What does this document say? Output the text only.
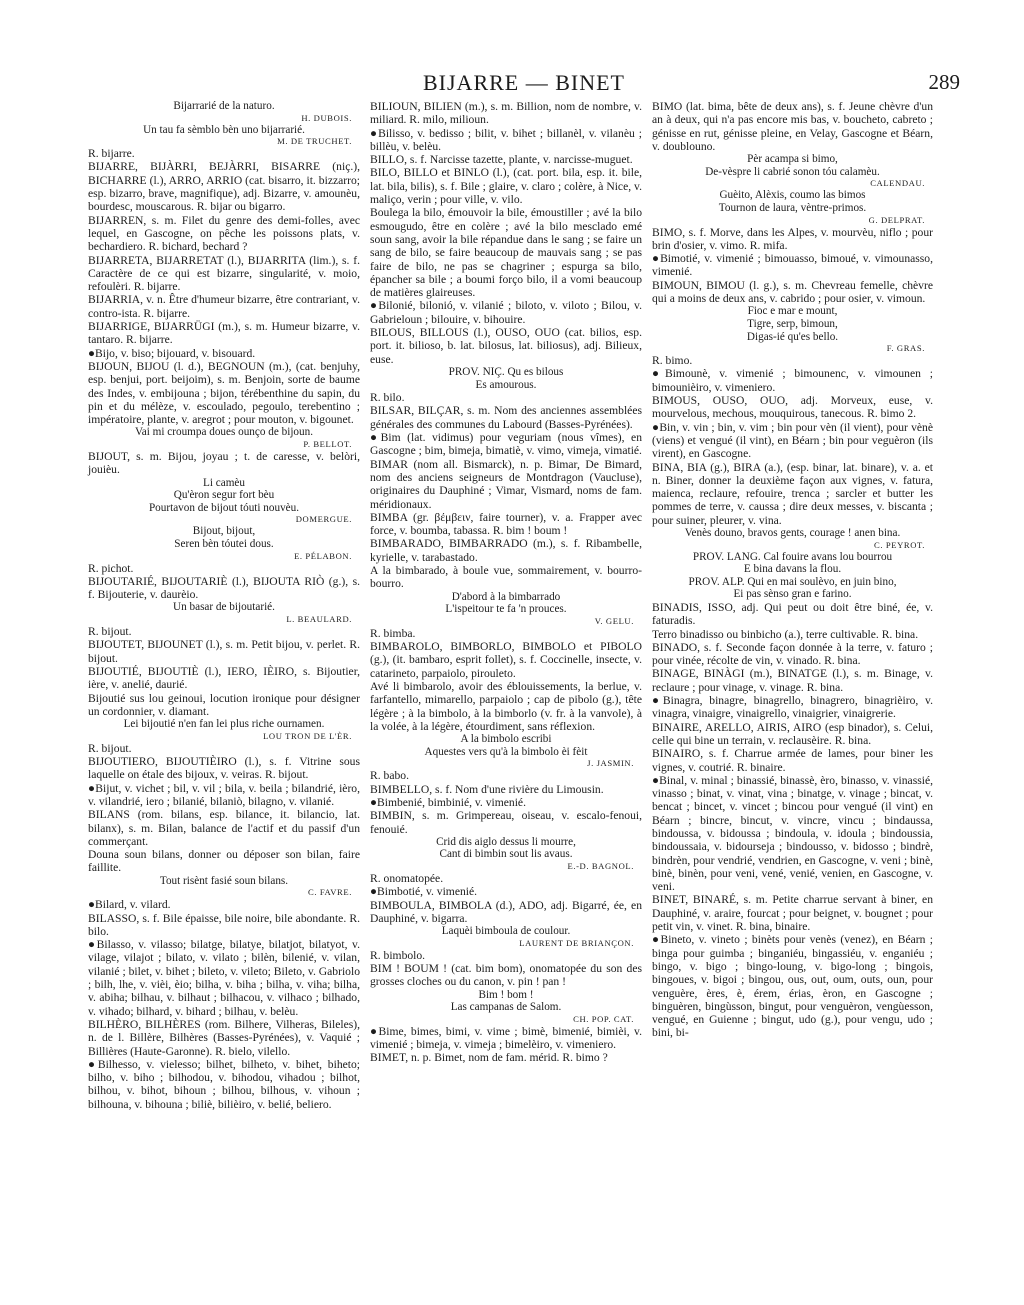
BIJARRE — BINET	289

Bijarrarié de la naturo.

H. DUBOIS.

Un tau fa sèmblo bèn uno bijarrarié.

M. DE TRUCHET.

R. bijarre.

BIJARRE, BIJÀRRI, BEJÀRRI, BISARRE (niç.), BICHARRE (l.), ARRO, ARRIO (cat. bisarro, it. bizzarro; esp. bizarro, brave, magnifique), adj. Bizarre, v. amounèu, bourdesc, mouscarous. R. bijar ou bigarro.

BIJARREN, s. m. Filet du genre des demi-folles, avec lequel, en Gascogne, on pêche les poissons plats, v. bechardiero. R. bichard, bechard ?

BIJARRETA, BIJARRETAT (l.), BIJARRITA (lim.), s. f. Caractère de ce qui est bizarre, singularité, v. moio, refoulèri. R. bijarre.

BIJARRIA, v. n. Être d'humeur bizarre, être contrariant, v. contro-ista. R. bijarre.

BIJARRIGE, BIJARRÜGI (m.), s. m. Humeur bizarre, v. tantaro. R. bijarre.

●Bijo, v. biso; bijouard, v. bisouard.

BIJOUN, BIJOU (l. d.), BEGNOUN (m.), (cat. benjuhy, esp. benjui, port. beijoim), s. m. Benjoin, sorte de baume des Indes, v. embijouna ; bijon, térébenthine du sapin, du pin et du mélèze, v. escoulado, pegoulo, terebentino ; impératoire, plante, v. aregrot ; pour mouton, v. bigounet.

Vai mi croumpa doues ounço de bijoun.

P. BELLOT.

BIJOUT, s. m. Bijou, joyau ; t. de caresse, v. belòri, jouièu.

Li camèu

Qu'èron segur fort bèu

Pourtavon de bijout tóuti nouvèu.

DOMERGUE.

Bijout, bijout,

Seren bèn tóutei dous.

E. PÉLABON.

R. pichot.

BIJOUTARIÉ, BIJOUTARIÈ (l.), BIJOUTA RIÒ (g.), s. f. Bijouterie, v. daurèio.

Un basar de bijoutarié.

L. BEAULARD.

R. bijout.

BIJOUTET, BIJOUNET (l.), s. m. Petit bijou, v. perlet. R. bijout.

BIJOUTIÉ, BIJOUTIÈ (l.), IERO, IÈIRO, s. Bijoutier, ière, v. anelié, daurié.

Bijoutié sus lou geinoui, locution ironique pour désigner un cordonnier, v. diamant.

Lei bijoutié n'en fan lei plus riche ournamen.

LOU TRON DE L'ÈR.

R. bijout.

BIJOUTIERO, BIJOUTIÈIRO (l.), s. f. Vitrine sous laquelle on étale des bijoux, v. veiras. R. bijout.

●Bijut, v. vichet ; bil, v. vil ; bila, v. beila ; bilandrié, ièro, v. vilandrié, iero ; bilanié, bilaniò, bilagno, v. vilanié.

BILANS (rom. bilans, esp. bilance, it. bilancio, lat. bilanx), s. m. Bilan, balance de l'actif et du passif d'un commerçant.

Douna soun bilans, donner ou déposer son bilan, faire faillite.

Tout risènt fasié soun bilans.

C. FAVRE.

●Bilard, v. vilard.

BILASSO, s. f. Bile épaisse, bile noire, bile abondante. R. bilo.

●Bilasso, v. vilasso; bilatge, bilatye, bilatjot, bilatyot, v. vilage, vilajot ; bilato, v. vilato ; bilèn, bilenié, v. vilan, vilanié ; bilet, v. bihet ; bileto, v. vileto; Bileto, v. Gabriolo ; bilh, lhe, v. vièi, èio; bilha, v. biha ; bilha, v. viha; bilha, v. abiha; bilhau, v. bilhaut ; bilhacou, v. vilhaco ; bilhado, v. vihado; bilhard, v. bihard ; bilhau, v. belèu.

BILHÈRO, BILHÈRES (rom. Bilhere, Vilheras, Bileles), n. de l. Billère, Bilhères (Basses-Pyrénées), v. Vaquié ; Billières (Haute-Garonne). R. bielo, vilello.

●Bilhesso, v. vielesso; bilhet, bilheto, v. bihet, biheto; bilho, v. biho ; bilhodou, v. bihodou, vihadou ; bilhot, bilhou, v. bihot, bihoun ; bilhou, bilhous, v. vihoun ; bilhouna, v. bihouna ; biliè, bilièiro, v. belié, beliero.

BILIOUN, BILIEN (m.), s. m. Billion, nom de nombre, v. miliard. R. milo, milioun.

●Bilisso, v. bedisso ; bilit, v. bihet ; billanèl, v. vilanèu ; billèu, v. belèu.

BILLO, s. f. Narcisse tazette, plante, v. narcisse-muguet.

BILO, BILLO et BINLO (l.), (cat. port. bila, esp. it. bile, lat. bila, bilis), s. f. Bile ; glaire, v. claro ; colère, à Nice, v. maliço, verin ; pour ville, v. vilo.

Boulega la bilo, émouvoir la bile, émoustiller ; avé la bilo esmougudo, être en colère ; avé la bilo mesclado emé soun sang, avoir la bile répandue dans le sang ; se faire un sang de bilo, se faire beaucoup de mauvais sang ; se pas faire de bilo, ne pas se chagriner ; espurga sa bilo, épancher sa bile ; a boumi forço bilo, il a vomi beaucoup de matières glaireuses.

●Bilonié, bilonió, v. vilanié ; biloto, v. viloto ; Bilou, v. Gabrieloun ; bilouire, v. bihouire.

BILOUS, BILLOUS (l.), OUSO, OUO (cat. bilios, esp. port. it. bilioso, b. lat. bilosus, lat. biliosus), adj. Bilieux, euse.

PROV. NIÇ. Qu es bilous

Es amourous.

R. bilo.

BILSAR, BILÇAR, s. m. Nom des anciennes assemblées générales des communes du Labourd (Basses-Pyrénées).

●Bim (lat. vidimus) pour veguriam (nous vîmes), en Gascogne ; bim, bimeja, bimatiè, v. vimo, vimeja, vimatié.

BIMAR (nom all. Bismarck), n. p. Bimar, De Bimard, nom des anciens seigneurs de Montdragon (Vaucluse), originaires du Dauphiné ; Vimar, Vismard, noms de fam. méridionaux.

BIMBA (gr. βέμβειν, faire tourner), v. a. Frapper avec force, v. boumba, tabassa. R. bim ! boum !

BIMBARADO, BIMBARRADO (m.), s. f. Ribambelle, kyrielle, v. tarabastado.

A la bimbarado, à boule vue, sommairement, v. bourro-bourro.

D'abord à la bimbarrado

L'ispeitour te fa 'n prouces.

V. GELU.

R. bimba.

BIMBAROLO, BIMBORLO, BIMBOLO et PIBOLO (g.), (it. bambaro, esprit follet), s. f. Coccinelle, insecte, v. catarineto, parpaiolo, pirouleto.

Avé li bimbarolo, avoir des éblouissements, la berlue, v. farfantello, mimarello, parpaiolo ; cap de pibolo (g.), tête légère ; à la bimbolo, à la bimborlo (v. fr. à la vanvole), à la volée, à la légère, étourdiment, sans réflexion.

A la bimbolo escribi

Aquestes vers qu'à la bimbolo èi fèit

J. JASMIN.

R. babo.

BIMBELLO, s. f. Nom d'une rivière du Limousin.

●Bimbenié, bimbinié, v. vimenié.

BIMBIN, s. m. Grimpereau, oiseau, v. escalo-fenoui, fenouié.

Crid dis aiglo dessus li mourre,

Cant di bimbin sout lis avaus.

E.-D. BAGNOL.

R. onomatopée.

●Bimbotié, v. vimenié.

BIMBOULA, BIMBOLA (d.), ADO, adj. Bigarré, ée, en Dauphiné, v. bigarra.

Laquèi bimboula de coulour.

LAURENT DE BRIANÇON.

R. bimbolo.

BIM ! BOUM ! (cat. bim bom), onomatopée du son des grosses cloches ou du canon, v. pin ! pan !

Bim ! bom !

Las campanas de Salom.

CH. POP. CAT.

●Bime, bimes, bimi, v. vime ; bimè, bimenié, bimièi, v. vimenié ; bimeja, v. vimeja ; bimelèiro, v. vimeniero.

BIMET, n. p. Bimet, nom de fam. mérid. R. bimo ?

BIMO (lat. bima, bête de deux ans), s. f. Jeune chèvre d'un an à deux, qui n'a pas encore mis bas, v. boucheto, cabreto ; génisse en rut, génisse pleine, en Velay, Gascogne et Béarn, v. doublouno.

Pèr acampa si bimo,

De-vèspre li cabrié sonon tóu calamèu.

CALENDAU.

Guèito, Alèxis, coumo las bimos

Tournon de laura, vèntre-primos.

G. DELPRAT.

BIMO, s. f. Morve, dans les Alpes, v. mourvèu, niflo ; pour brin d'osier, v. vimo. R. mifa.

●Bimotié, v. vimenié ; bimouasso, bimoué, v. vimounasso, vimenié.

BIMOUN, BIMOU (l. g.), s. m. Chevreau femelle, chèvre qui a moins de deux ans, v. cabrido ; pour osier, v. vimoun.

Fioc e mar e mount,

Tigre, serp, bimoun,

Digas-ié qu'es bello.

F. GRAS.

R. bimo.

●Bimounè, v. vimenié ; bimounenc, v. vimounen ; bimounièiro, v. vimeniero.

BIMOUS, OUSO, OUO, adj. Morveux, euse, v. mourvelous, mechous, mouquirous, tanecous. R. bimo 2.

●Bin, v. vin ; bin, v. vim ; bin pour vèn (il vient), pour vènè (viens) et vengué (il vint), en Béarn ; bin pour veguèron (ils virent), en Gascogne.

BINA, BIA (g.), BIRA (a.), (esp. binar, lat. binare), v. a. et n. Biner, donner la deuxième façon aux vignes, v. fatura, maienca, reclaure, refouire, trenca ; sarcler et butter les pommes de terre, v. caussa ; dire deux messes, v. biscanta ; pour suiner, pleurer, v. vina.

Venès douno, bravos gents, courage ! anen bina.

C. PEYROT.

PROV. LANG. Cal fouire avans lou bourrou

E bina davans la flou.

PROV. ALP. Qui en mai soulèvo, en juin bino,

Ei pas sènso gran e farino.

BINADIS, ISSO, adj. Qui peut ou doit être biné, ée, v. faturadis.

Terro binadisso ou binbicho (a.), terre cultivable. R. bina.

BINADO, s. f. Seconde façon donnée à la terre, v. faturo ; pour vinée, récolte de vin, v. vinado. R. bina.

BINAGE, BINÀGI (m.), BINATGE (l.), s. m. Binage, v. reclaure ; pour vinage, v. vinage. R. bina.

●Binagra, binagre, binagrello, binagrero, binagrièiro, v. vinagra, vinaigre, vinaigrello, vinaigrier, vinaigrerie.

BINAIRE, ARELLO, AIRIS, AIRO (esp binador), s. Celui, celle qui bine un terrain, v. reclausèire. R. bina.

BINAIRO, s. f. Charrue armée de lames, pour biner les vignes, v. coutrié. R. binaire.

●Binal, v. minal ; binassié, binassè, èro, binasso, v. vinassié, vinasso ; binat, v. vinat, vina ; binatge, v. vinage ; bincat, v. bencat ; bincet, v. vincet ; bincou pour vengué (il vint) en Béarn ; bincre, bincut, v. vincre, vincu ; bindaussa, bindoussa, v. bidoussa ; bindoula, v. idoula ; bindoussia, bindoussaia, v. bidourseja ; bindousso, v. bidosso ; bindrè, bindrèn, pour vendrié, vendrien, en Gascogne, v. veni ; binè, binè, binèn, pour veni, vené, venié, venien, en Gascogne, v. veni.

BINET, BINARÉ, s. m. Petite charrue servant à biner, en Dauphiné, v. araire, fourcat ; pour beignet, v. bougnet ; pour petit vin, v. vinet. R. bina, binaire.

●Bineto, v. vineto ; binèts pour venès (venez), en Béarn ; binga pour guimba ; binganiéu, bingassiéu, v. enganiéu ; bingo, v. bigo ; bingo-loung, v. bigo-long ; bingois, bingoues, v. bigoi ; bingou, ous, out, oum, outs, oun, pour venguère, ères, è, érem, érias, èron, en Gascogne ; binguèren, bingùsson, bingut, pour venguèron, vengùesson, vengué, en Guienne ; bingut, udo (g.), pour vengu, udo ; bini, bi-
